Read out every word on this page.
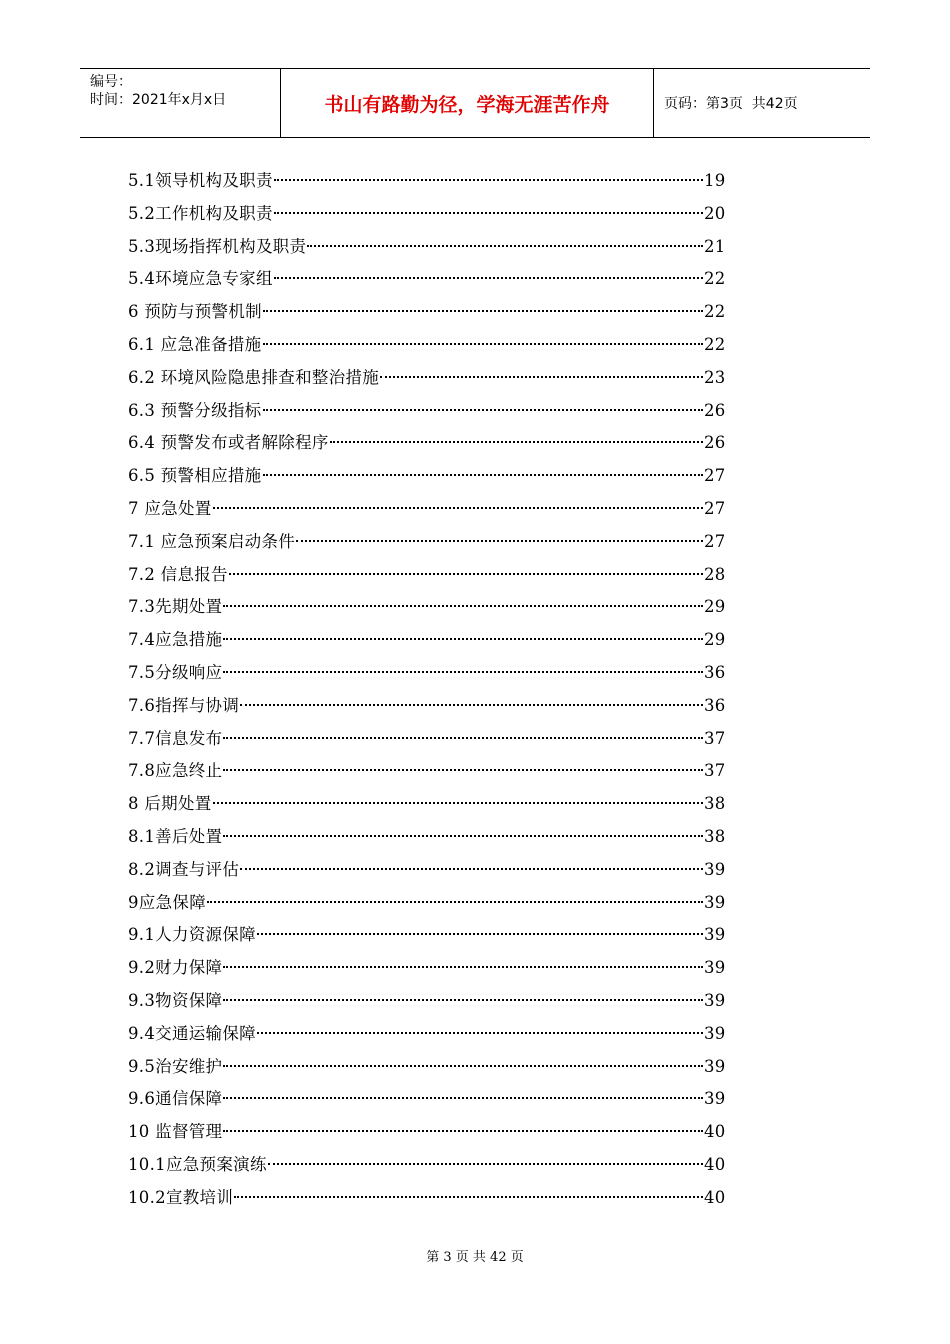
编号：
时间：2021年x月x日	书山有路勤为径，学海无涯苦作舟	页码：第3页  共42页
5.1领导机构及职责	19
5.2工作机构及职责	20
5.3现场指挥机构及职责	21
5.4环境应急专家组	22
6 预防与预警机制	22
6.1 应急准备措施	22
6.2 环境风险隐患排查和整治措施	23
6.3 预警分级指标	26
6.4 预警发布或者解除程序	26
6.5 预警相应措施	27
7 应急处置	27
7.1 应急预案启动条件	27
7.2 信息报告	28
7.3先期处置	29
7.4应急措施	29
7.5分级响应	36
7.6指挥与协调	36
7.7信息发布	37
7.8应急终止	37
8 后期处置	38
8.1善后处置	38
8.2调查与评估	39
9应急保障	39
9.1人力资源保障	39
9.2财力保障	39
9.3物资保障	39
9.4交通运输保障	39
9.5治安维护	39
9.6通信保障	39
10 监督管理	40
10.1应急预案演练	40
10.2宣教培训	40
第 3 页 共 42 页
